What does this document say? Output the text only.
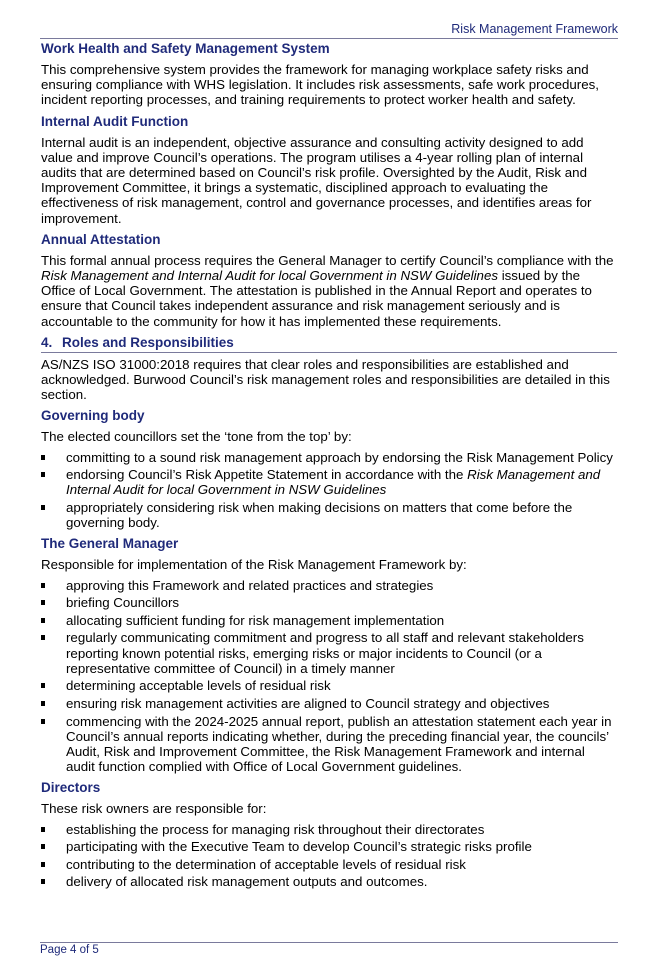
Risk Management Framework
Work Health and Safety Management System

This comprehensive system provides the framework for managing workplace safety risks and ensuring compliance with WHS legislation. It includes risk assessments, safe work procedures, incident reporting processes, and training requirements to protect worker health and safety.

Internal Audit Function

Internal audit is an independent, objective assurance and consulting activity designed to add value and improve Council’s operations. The program utilises a 4-year rolling plan of internal audits that are determined based on Council’s risk profile. Oversighted by the Audit, Risk and Improvement Committee, it brings a systematic, disciplined approach to evaluating the effectiveness of risk management, control and governance processes, and identifies areas for improvement.

Annual Attestation

This formal annual process requires the General Manager to certify Council’s compliance with the Risk Management and Internal Audit for local Government in NSW Guidelines issued by the Office of Local Government. The attestation is published in the Annual Report and operates to ensure that Council takes independent assurance and risk management seriously and is accountable to the community for how it has implemented these requirements.

4. Roles and Responsibilities

AS/NZS ISO 31000:2018 requires that clear roles and responsibilities are established and acknowledged. Burwood Council’s risk management roles and responsibilities are detailed in this section.

Governing body

The elected councillors set the ‘tone from the top’ by:

committing to a sound risk management approach by endorsing the Risk Management Policy
endorsing Council’s Risk Appetite Statement in accordance with the Risk Management and Internal Audit for local Government in NSW Guidelines
appropriately considering risk when making decisions on matters that come before the governing body.
The General Manager

Responsible for implementation of the Risk Management Framework by:

approving this Framework and related practices and strategies
briefing Councillors
allocating sufficient funding for risk management implementation
regularly communicating commitment and progress to all staff and relevant stakeholders reporting known potential risks, emerging risks or major incidents to Council (or a representative committee of Council) in a timely manner
determining acceptable levels of residual risk
ensuring risk management activities are aligned to Council strategy and objectives
commencing with the 2024-2025 annual report, publish an attestation statement each year in Council’s annual reports indicating whether, during the preceding financial year, the councils’ Audit, Risk and Improvement Committee, the Risk Management Framework and internal audit function complied with Office of Local Government guidelines.
Directors

These risk owners are responsible for:

establishing the process for managing risk throughout their directorates
participating with the Executive Team to develop Council’s strategic risks profile
contributing to the determination of acceptable levels of residual risk
delivery of allocated risk management outputs and outcomes.
Page 4 of 5
